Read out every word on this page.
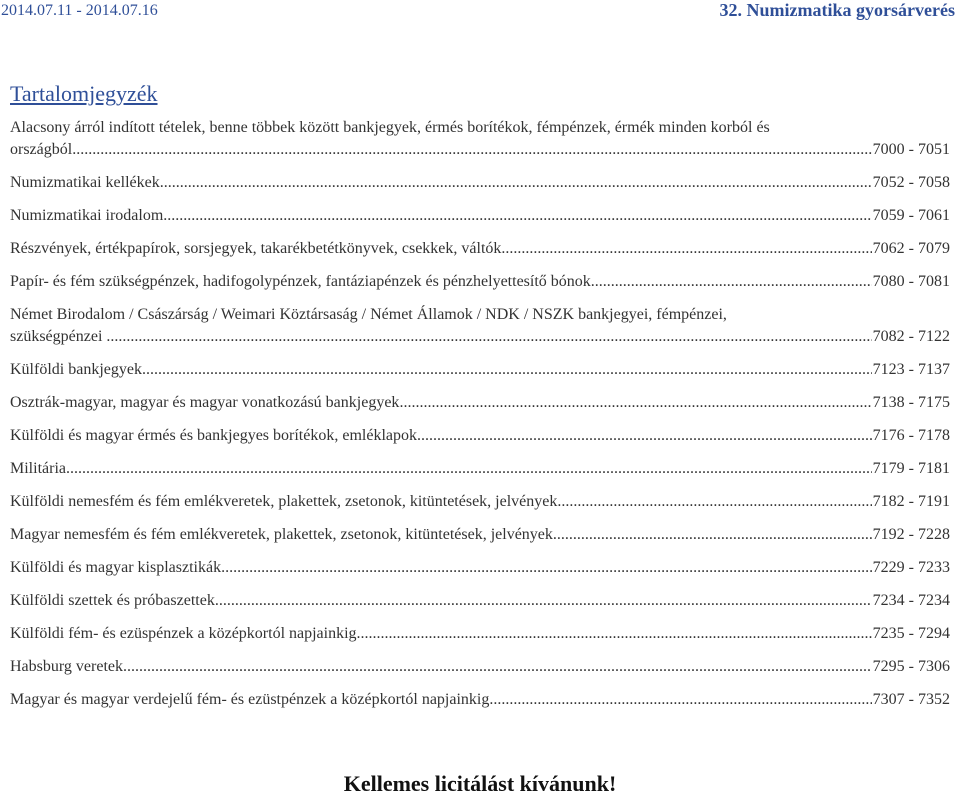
2014.07.11 - 2014.07.16	32. Numizmatika gyorsárverés
Tartalomjegyzék
Alacsony árról indított tételek, benne többek között bankjegyek, érmés borítékok, fémpénzek, érmék minden korból és
országból. .....	7000 - 7051
Numizmatikai kellékek. .....	7052 - 7058
Numizmatikai irodalom. .....	7059 - 7061
Részvények, értékpapírok, sorsjegyek, takarékbetétkönyvek, csekkek, váltók .....	7062 - 7079
Papír- és fém szükségpénzek, hadifogolypénzek, fantáziapénzek és pénzhelyettesítő bónok .....	7080 - 7081
Német Birodalom / Császárság / Weimari Köztársaság / Német Államok / NDK / NSZK bankjegyei, fémpénzei,
szükségpénzei . .....	7082 - 7122
Külföldi bankjegyek .....	7123 - 7137
Osztrák-magyar, magyar és magyar vonatkozású bankjegyek .....	7138 - 7175
Külföldi és magyar érmés és bankjegyes borítékok, emléklapok .....	7176 - 7178
Militária .....	7179 - 7181
Külföldi nemesfém és fém emlékveretek, plakettek, zsetonok, kitüntetések, jelvények .....	7182 - 7191
Magyar nemesfém és fém emlékveretek, plakettek, zsetonok, kitüntetések, jelvények .....	7192 - 7228
Külföldi és magyar kisplasztikák .....	7229 - 7233
Külföldi szettek és próbaszettek .....	7234 - 7234
Külföldi fém- és ezüspénzek a középkortól napjainkig .....	7235 - 7294
Habsburg veretek .....	7295 - 7306
Magyar és magyar verdejelű fém- és ezüstpénzek a középkortól napjainkig .....	7307 - 7352
Kellemes licitálást kívánunk!
